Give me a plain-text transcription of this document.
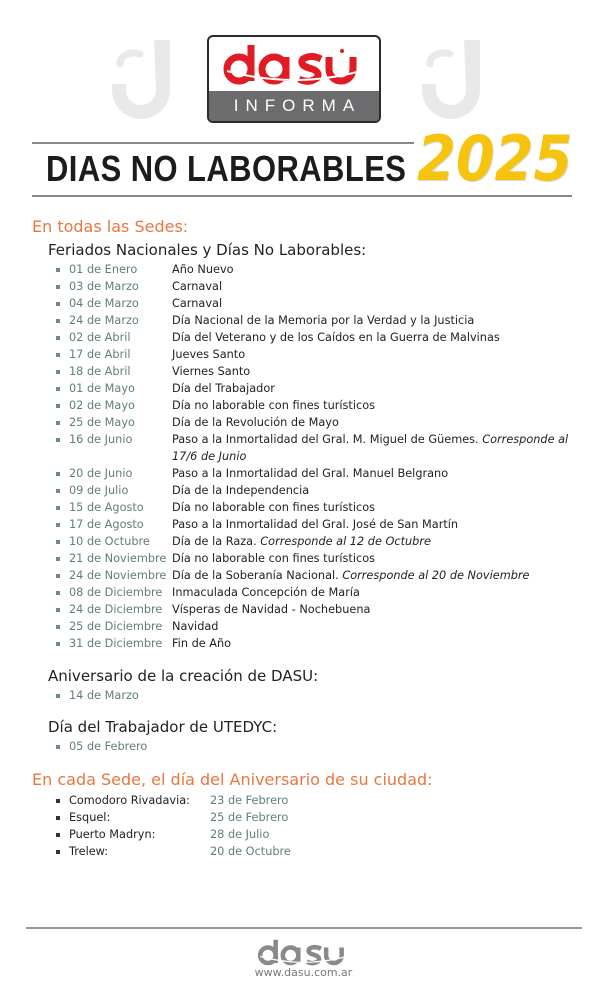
INFORMA
DIAS NO LABORABLES 2025
En todas las Sedes:
Feriados Nacionales y Días No Laborables:
01 de Enero	Año Nuevo
03 de Marzo	Carnaval
04 de Marzo	Carnaval
24 de Marzo	Día Nacional de la Memoria por la Verdad y la Justicia
02 de Abril	Día del Veterano y de los Caídos en la Guerra de Malvinas
17 de Abril	Jueves Santo
18 de Abril	Viernes Santo
01 de Mayo	Día del Trabajador
02 de Mayo	Día no laborable con fines turísticos
25 de Mayo	Día de la Revolución de Mayo
16 de Junio	Paso a la Inmortalidad del Gral. M. Miguel de Güemes. Corresponde al 17/6 de Junio
20 de Junio	Paso a la Inmortalidad del Gral. Manuel Belgrano
09 de Julio	Día de la Independencia
15 de Agosto	Día no laborable con fines turísticos
17 de Agosto	Paso a la Inmortalidad del Gral. José de San Martín
10 de Octubre	Día de la Raza. Corresponde al 12 de Octubre
21 de Noviembre Día no laborable con fines turísticos
24 de Noviembre Día de la Soberanía Nacional. Corresponde al 20 de Noviembre
08 de Diciembre Inmaculada Concepción de María
24 de Diciembre Vísperas de Navidad - Nochebuena
25 de Diciembre Navidad
31 de Diciembre Fin de Año
Aniversario de la creación de DASU:
14 de Marzo
Día del Trabajador de UTEDYC:
05 de Febrero
En cada Sede, el día del Aniversario de su ciudad:
Comodoro Rivadavia:	23 de Febrero
Esquel:	25 de Febrero
Puerto Madryn:	28 de Julio
Trelew:	20 de Octubre
www.dasu.com.ar
